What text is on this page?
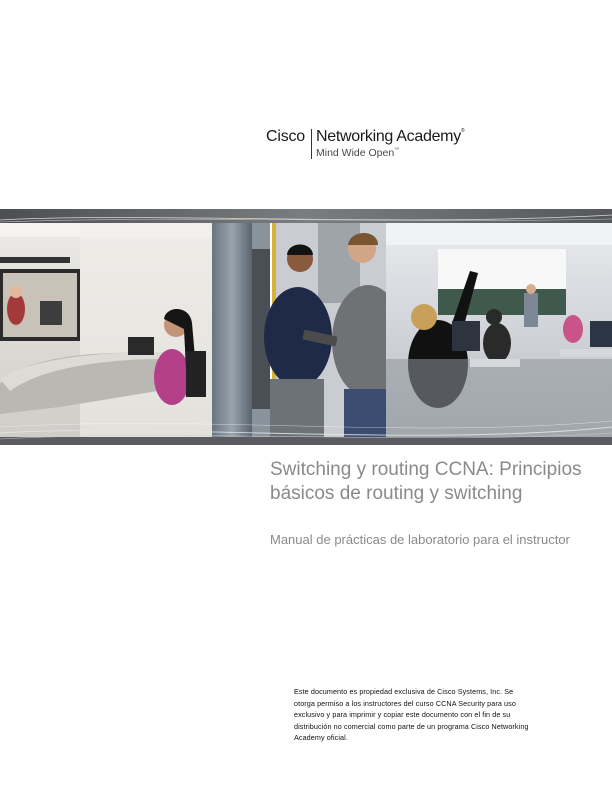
Cisco Networking Academy®
Mind Wide Open™
Switching y routing CCNA: Principios básicos de routing y switching
Manual de prácticas de laboratorio para el instructor
Este documento es propiedad exclusiva de Cisco Systems, Inc. Se otorga permiso a los instructores del curso CCNA Security para uso exclusivo y para imprimir y copiar este documento con el fin de su distribución no comercial como parte de un programa Cisco Networking Academy oficial.
